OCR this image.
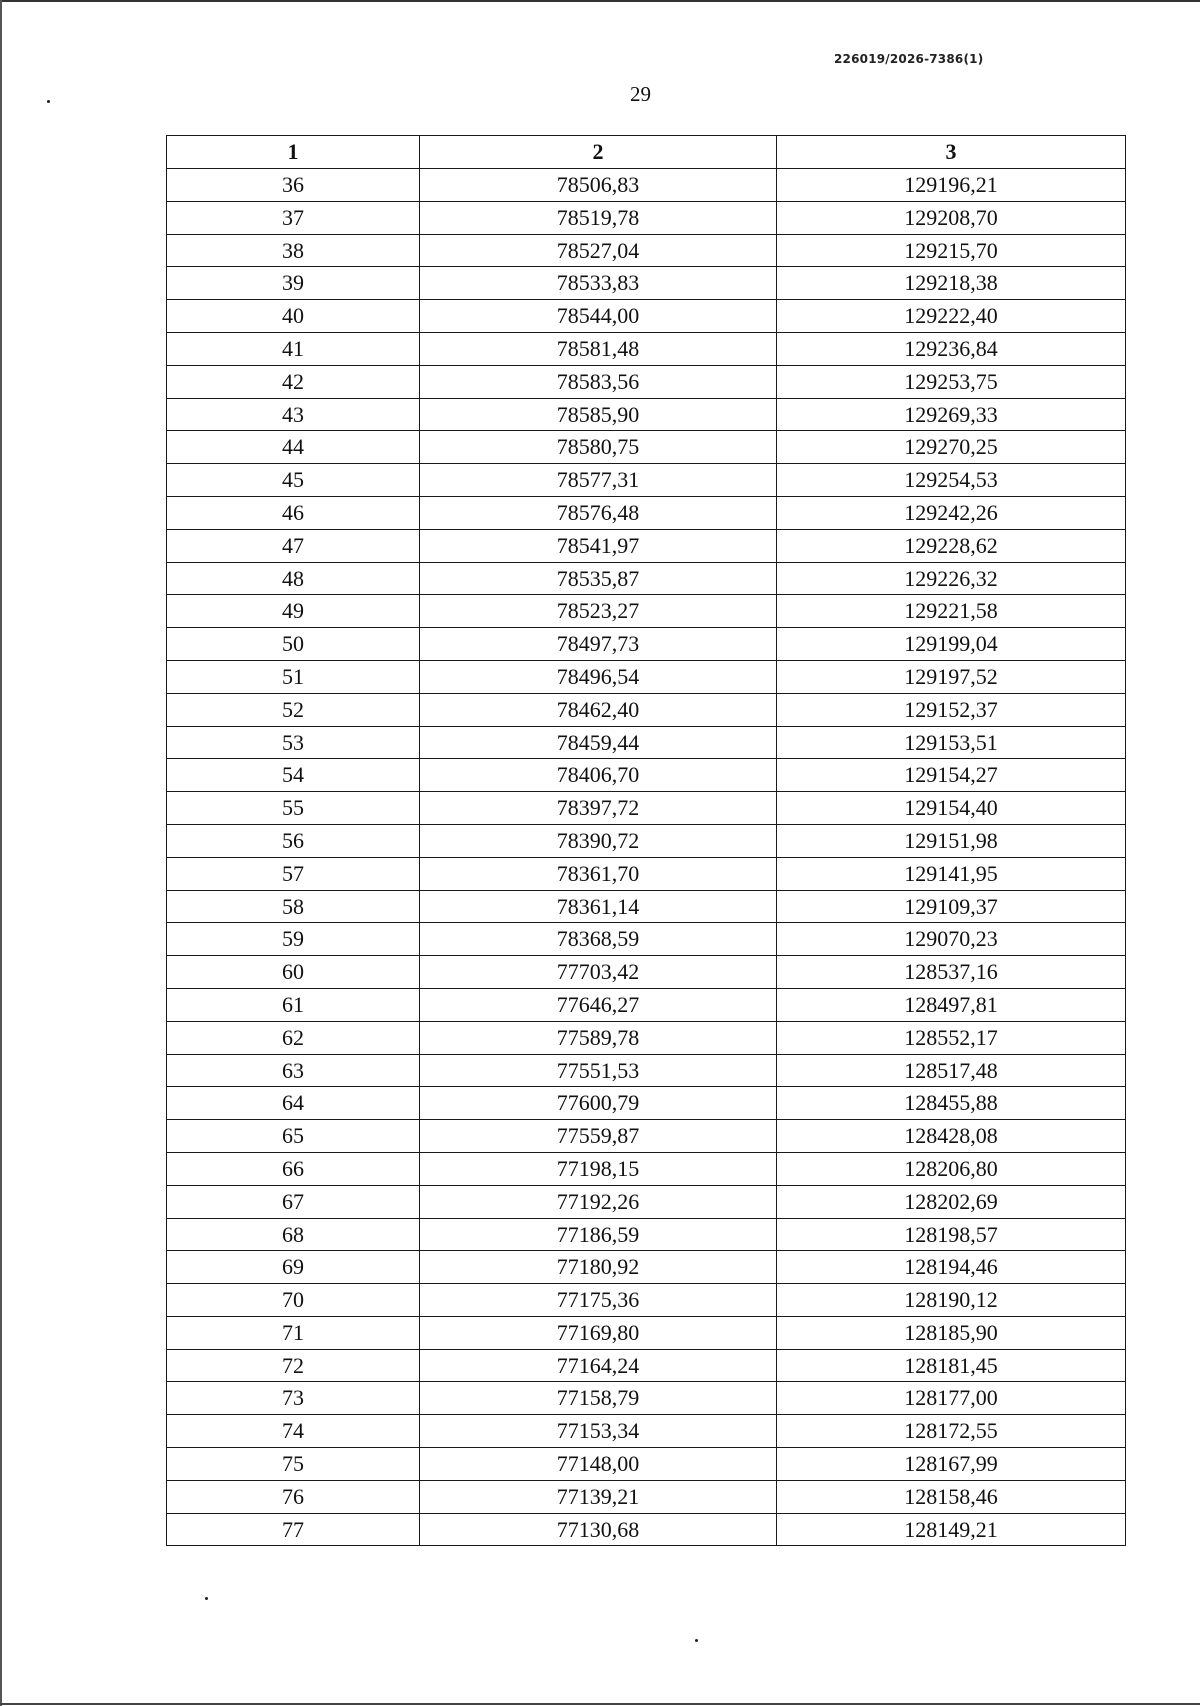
226019/2026-7386(1)
29
1	2	3
36	78506,83	129196,21
37	78519,78	129208,70
38	78527,04	129215,70
39	78533,83	129218,38
40	78544,00	129222,40
41	78581,48	129236,84
42	78583,56	129253,75
43	78585,90	129269,33
44	78580,75	129270,25
45	78577,31	129254,53
46	78576,48	129242,26
47	78541,97	129228,62
48	78535,87	129226,32
49	78523,27	129221,58
50	78497,73	129199,04
51	78496,54	129197,52
52	78462,40	129152,37
53	78459,44	129153,51
54	78406,70	129154,27
55	78397,72	129154,40
56	78390,72	129151,98
57	78361,70	129141,95
58	78361,14	129109,37
59	78368,59	129070,23
60	77703,42	128537,16
61	77646,27	128497,81
62	77589,78	128552,17
63	77551,53	128517,48
64	77600,79	128455,88
65	77559,87	128428,08
66	77198,15	128206,80
67	77192,26	128202,69
68	77186,59	128198,57
69	77180,92	128194,46
70	77175,36	128190,12
71	77169,80	128185,90
72	77164,24	128181,45
73	77158,79	128177,00
74	77153,34	128172,55
75	77148,00	128167,99
76	77139,21	128158,46
77	77130,68	128149,21
